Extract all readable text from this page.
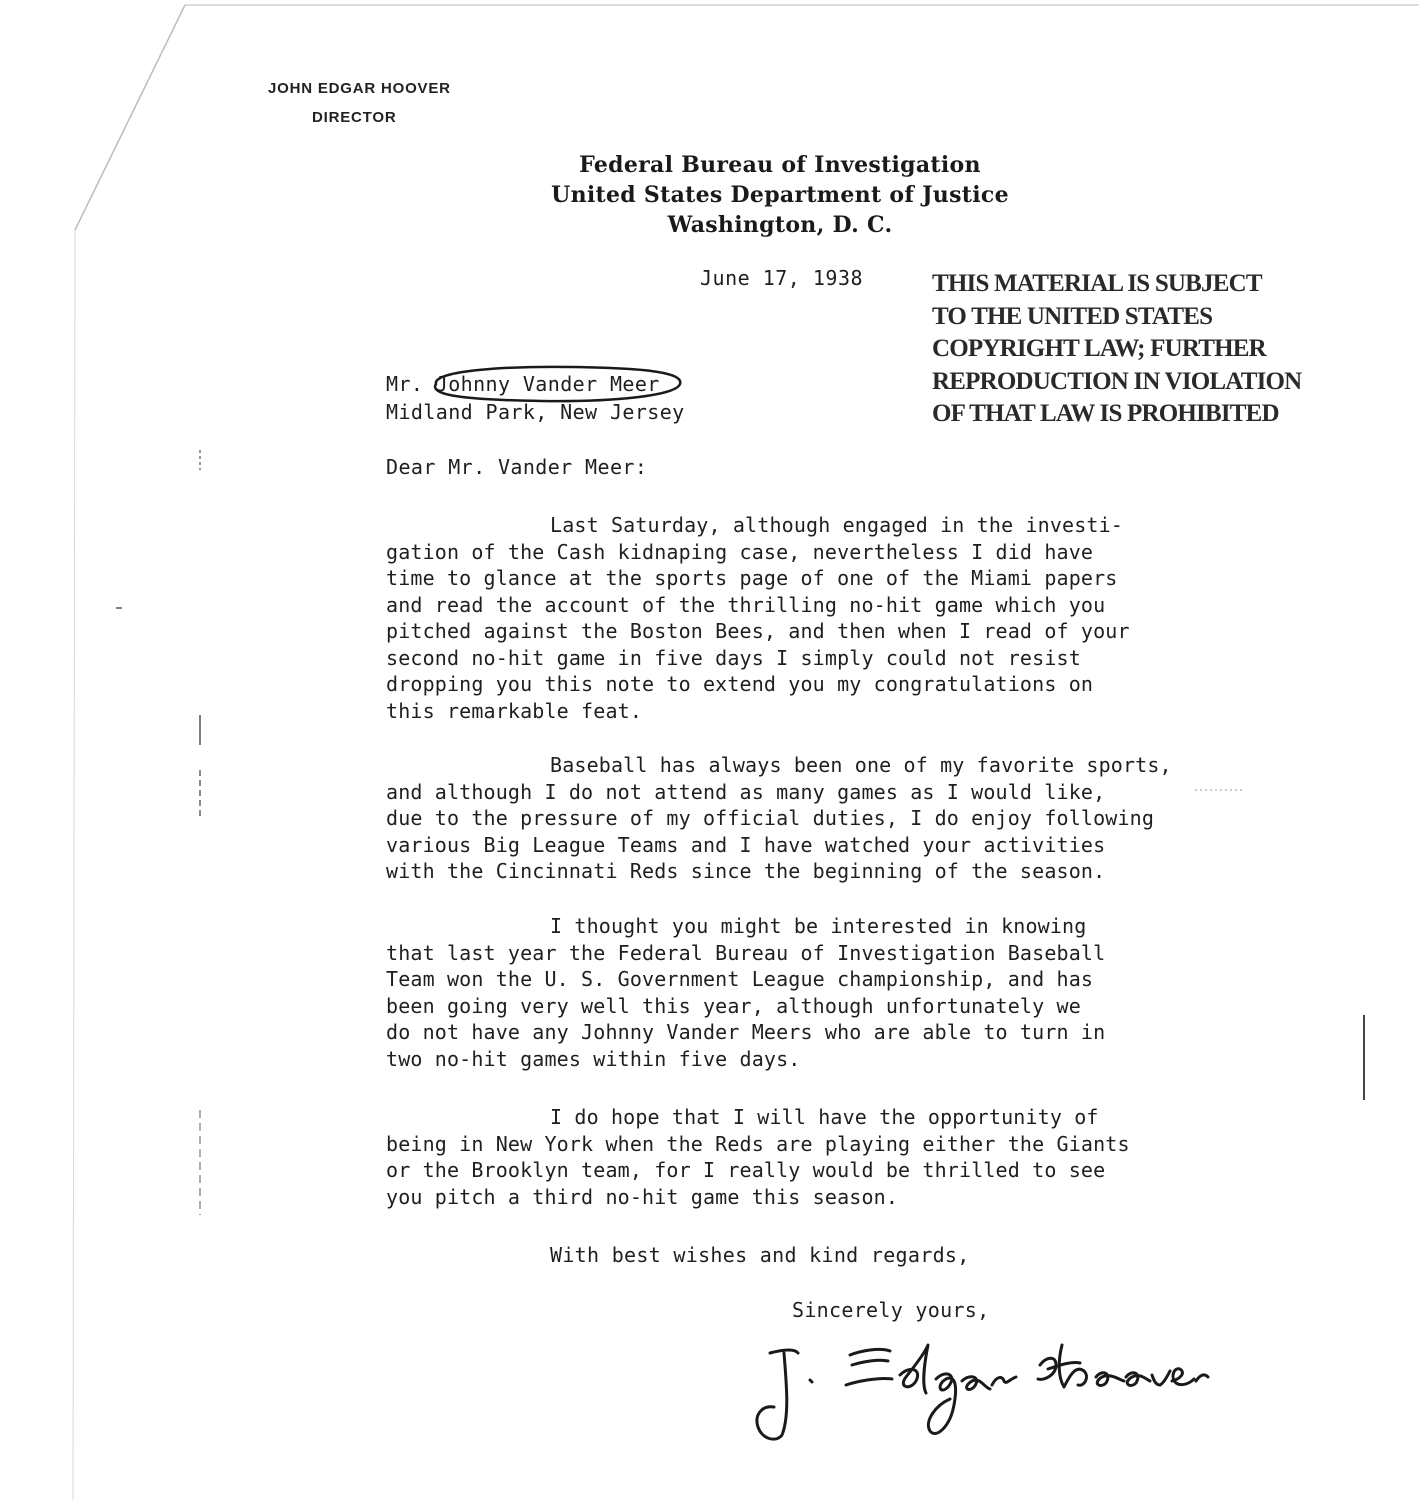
JOHN EDGAR HOOVER
DIRECTOR
Federal Bureau of Investigation
United States Department of Justice
Washington, D. C.
June 17, 1938	THIS MATERIAL IS SUBJECT
TO THE UNITED STATES
COPYRIGHT LAW; FURTHER
REPRODUCTION IN VIOLATION
OF THAT LAW IS PROHIBITED
Mr. Johnny Vander Meer
Midland Park, New Jersey
Dear Mr. Vander Meer:
Last Saturday, although engaged in the investi-
gation of the Cash kidnaping case, nevertheless I did have
time to glance at the sports page of one of the Miami papers
and read the account of the thrilling no-hit game which you
pitched against the Boston Bees, and then when I read of your
second no-hit game in five days I simply could not resist
dropping you this note to extend you my congratulations on
this remarkable feat.
Baseball has always been one of my favorite sports,
and although I do not attend as many games as I would like,
due to the pressure of my official duties, I do enjoy following
various Big League Teams and I have watched your activities
with the Cincinnati Reds since the beginning of the season.
I thought you might be interested in knowing
that last year the Federal Bureau of Investigation Baseball
Team won the U. S. Government League championship, and has
been going very well this year, although unfortunately we
do not have any Johnny Vander Meers who are able to turn in
two no-hit games within five days.
I do hope that I will have the opportunity of
being in New York when the Reds are playing either the Giants
or the Brooklyn team, for I really would be thrilled to see
you pitch a third no-hit game this season.
With best wishes and kind regards,
Sincerely yours,
